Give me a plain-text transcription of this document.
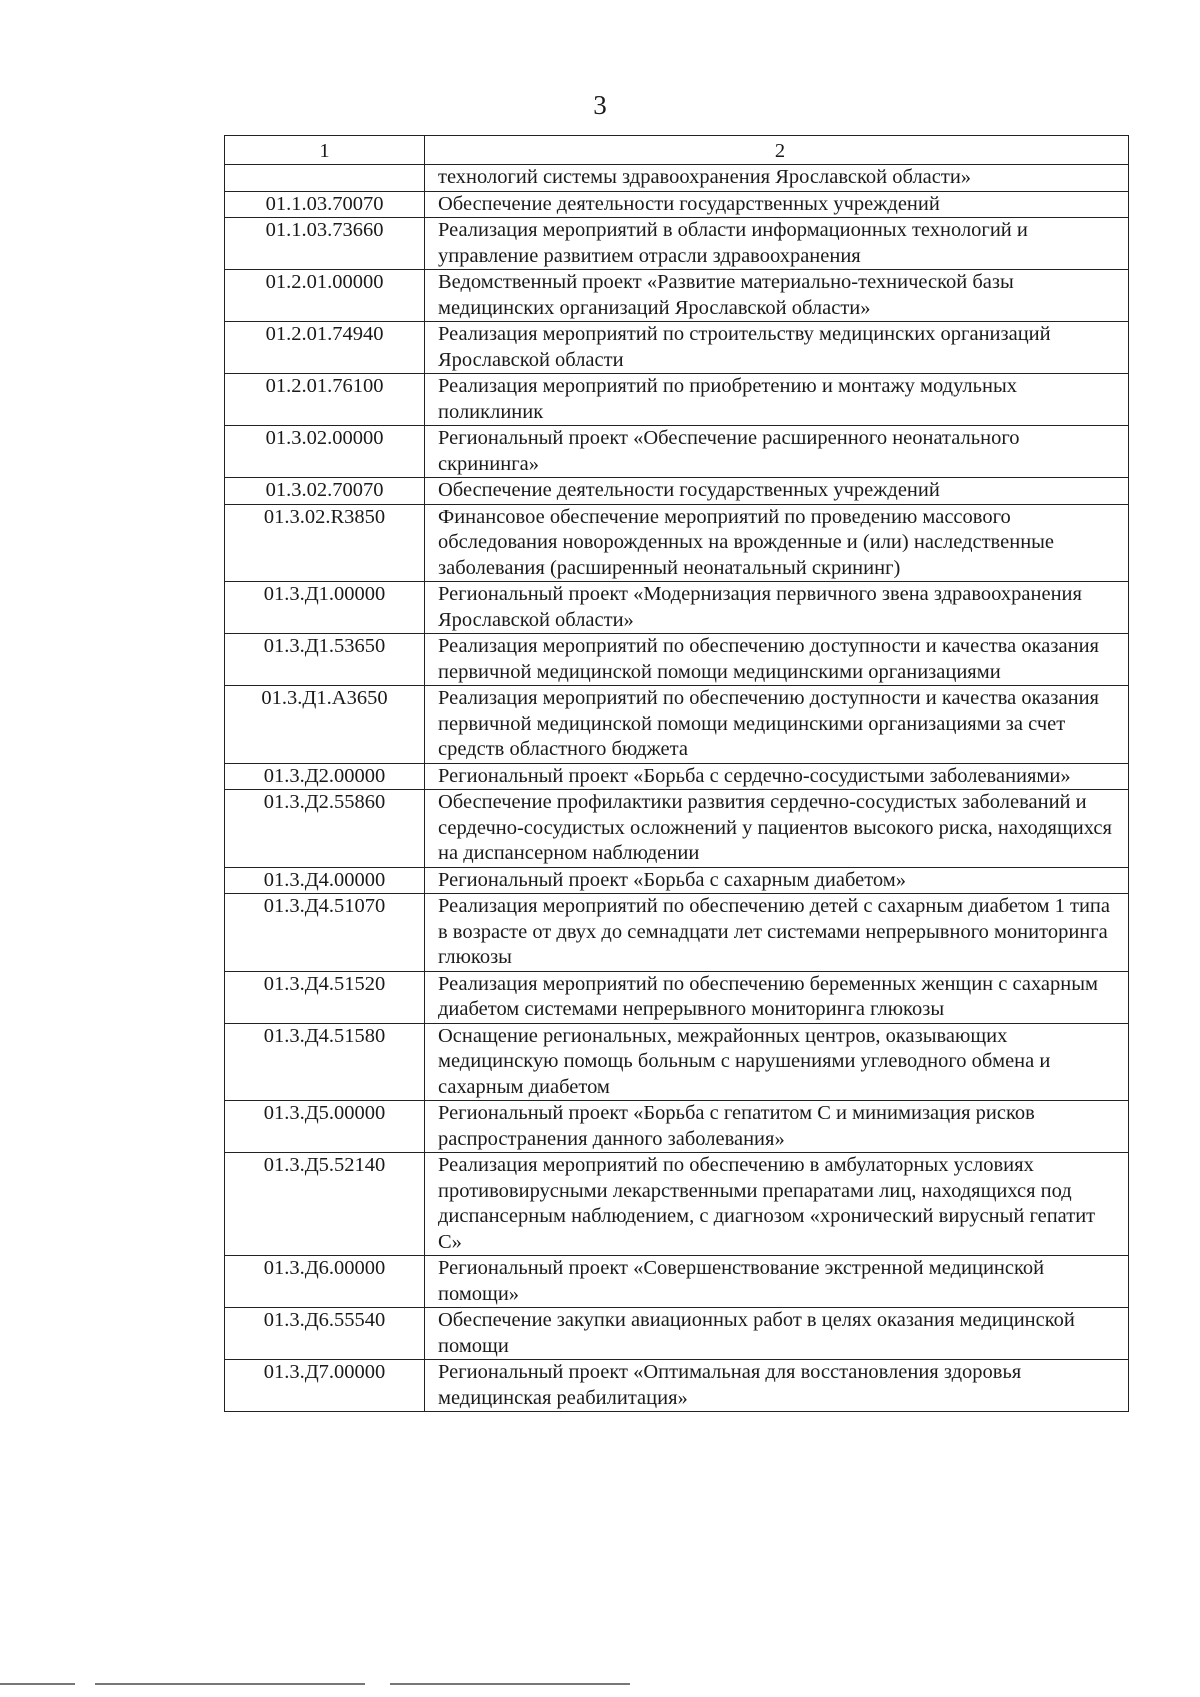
3
1	2
	технологий системы здравоохранения Ярославской области»
01.1.03.70070	Обеспечение деятельности государственных учреждений
01.1.03.73660	Реализация мероприятий в области информационных технологий и управление развитием отрасли здравоохранения
01.2.01.00000	Ведомственный проект «Развитие материально-технической базы медицинских организаций Ярославской области»
01.2.01.74940	Реализация мероприятий по строительству медицинских организаций Ярославской области
01.2.01.76100	Реализация мероприятий по приобретению и монтажу модульных поликлиник
01.3.02.00000	Региональный проект «Обеспечение расширенного неонатального скрининга»
01.3.02.70070	Обеспечение деятельности государственных учреждений
01.3.02.R3850	Финансовое обеспечение мероприятий по проведению массового обследования новорожденных на врожденные и (или) наследственные заболевания (расширенный неонатальный скрининг)
01.3.Д1.00000	Региональный проект «Модернизация первичного звена здравоохранения Ярославской области»
01.3.Д1.53650	Реализация мероприятий по обеспечению доступности и качества оказания первичной медицинской помощи медицинскими организациями
01.3.Д1.А3650	Реализация мероприятий по обеспечению доступности и качества оказания первичной медицинской помощи медицинскими организациями за счет средств областного бюджета
01.3.Д2.00000	Региональный проект «Борьба с сердечно-сосудистыми заболеваниями»
01.3.Д2.55860	Обеспечение профилактики развития сердечно-сосудистых заболеваний и сердечно-сосудистых осложнений у пациентов высокого риска, находящихся на диспансерном наблюдении
01.3.Д4.00000	Региональный проект «Борьба с сахарным диабетом»
01.3.Д4.51070	Реализация мероприятий по обеспечению детей с сахарным диабетом 1 типа в возрасте от двух до семнадцати лет системами непрерывного мониторинга глюкозы
01.3.Д4.51520	Реализация мероприятий по обеспечению беременных женщин с сахарным диабетом системами непрерывного мониторинга глюкозы
01.3.Д4.51580	Оснащение региональных, межрайонных центров, оказывающих медицинскую помощь больным с нарушениями углеводного обмена и сахарным диабетом
01.3.Д5.00000	Региональный проект «Борьба с гепатитом С и минимизация рисков распространения данного заболевания»
01.3.Д5.52140	Реализация мероприятий по обеспечению в амбулаторных условиях противовирусными лекарственными препаратами лиц, находящихся под диспансерным наблюдением, с диагнозом «хронический вирусный гепатит С»
01.3.Д6.00000	Региональный проект «Совершенствование экстренной медицинской помощи»
01.3.Д6.55540	Обеспечение закупки авиационных работ в целях оказания медицинской помощи
01.3.Д7.00000	Региональный проект «Оптимальная для восстановления здоровья медицинская реабилитация»
